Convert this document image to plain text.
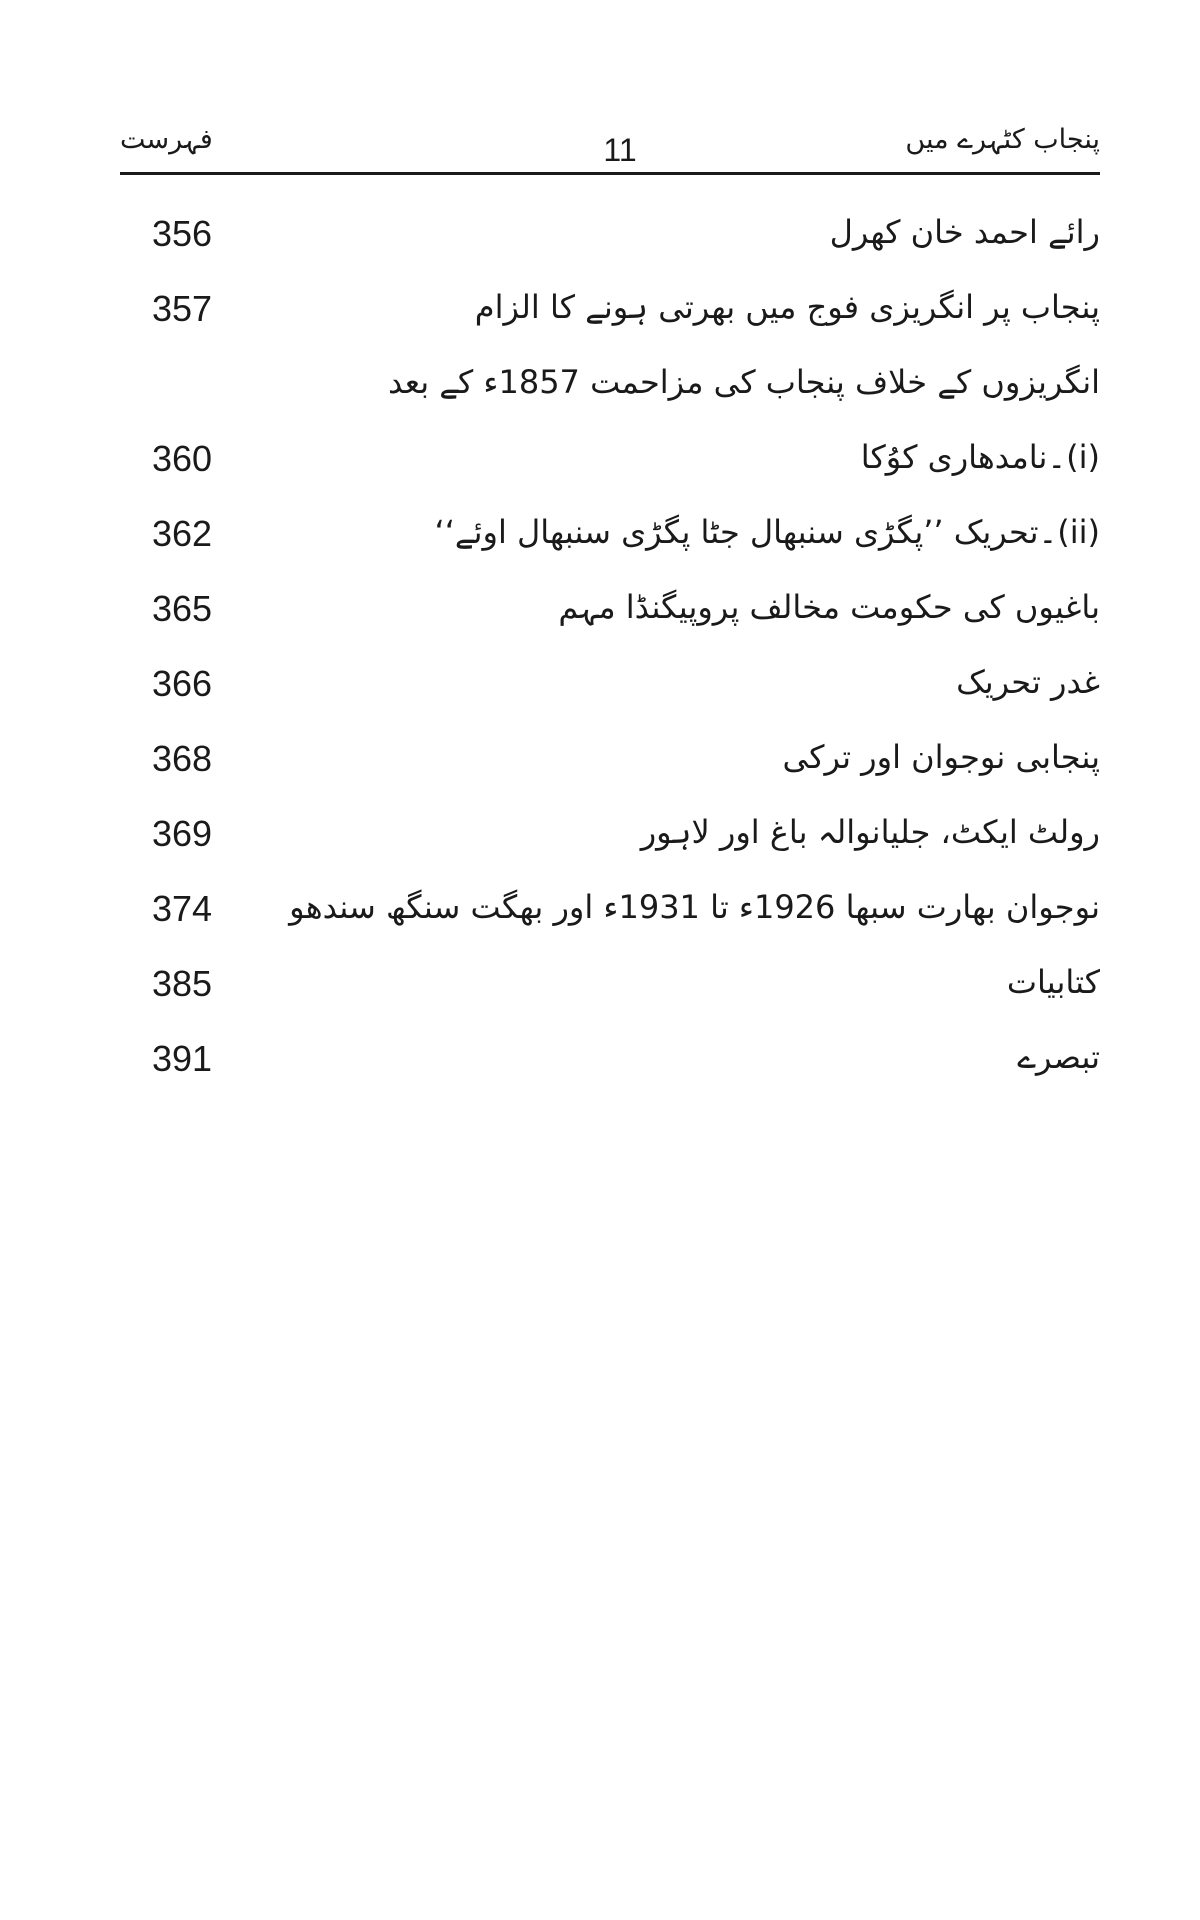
پنجاب کٹہرے میں
11
فہرست
رائے احمد خان کھرل
356
پنجاب پر انگریزی فوج میں بھرتی ہونے کا الزام
357
انگریزوں کے خلاف پنجاب کی مزاحمت 1857ء کے بعد
(i)۔نامدھاری کوُکا
360
(ii)۔تحریک ’’پگڑی سنبھال جٹا پگڑی سنبھال اوئے‘‘
362
باغیوں کی حکومت مخالف پروپیگنڈا مہم
365
غدر تحریک
366
پنجابی نوجوان اور ترکی
368
رولٹ ایکٹ، جلیانوالہ باغ اور لاہور
369
نوجوان بھارت سبھا 1926ء تا 1931ء اور بھگت سنگھ سندھو
374
کتابیات
385
تبصرے
391
